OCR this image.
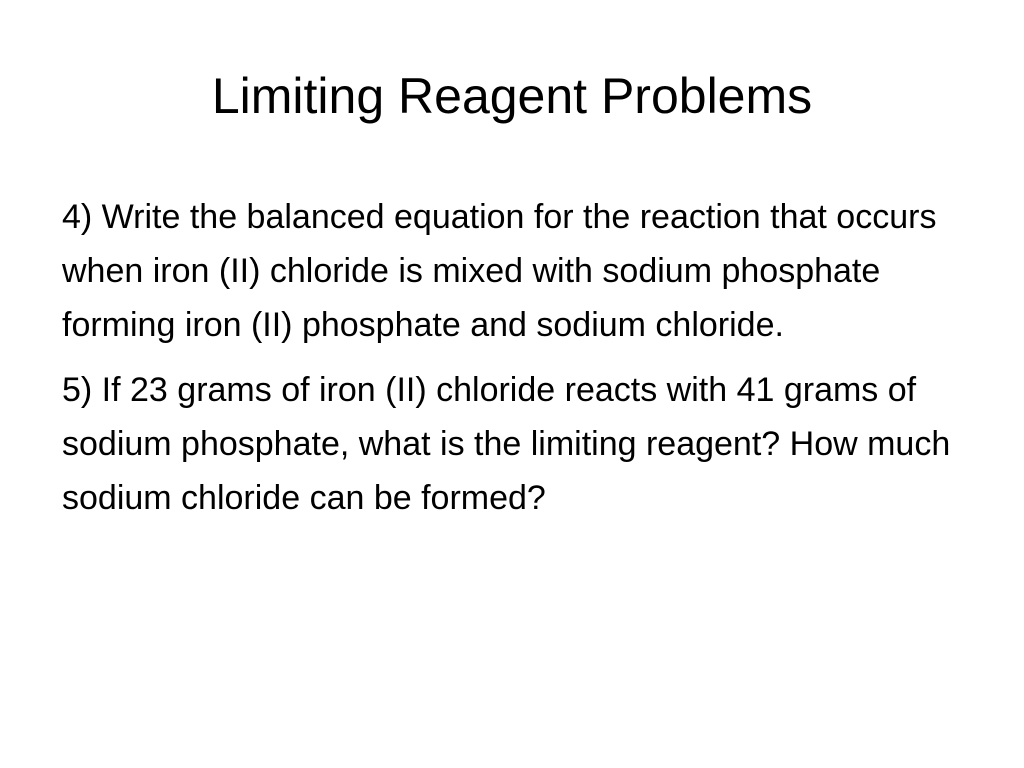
Limiting Reagent Problems

4) Write the balanced equation for the reaction that occurs when iron (II) chloride is mixed with sodium phosphate forming iron (II) phosphate and sodium chloride.

5) If 23 grams of iron (II) chloride reacts with 41 grams of sodium phosphate, what is the limiting reagent? How much sodium chloride can be formed?
